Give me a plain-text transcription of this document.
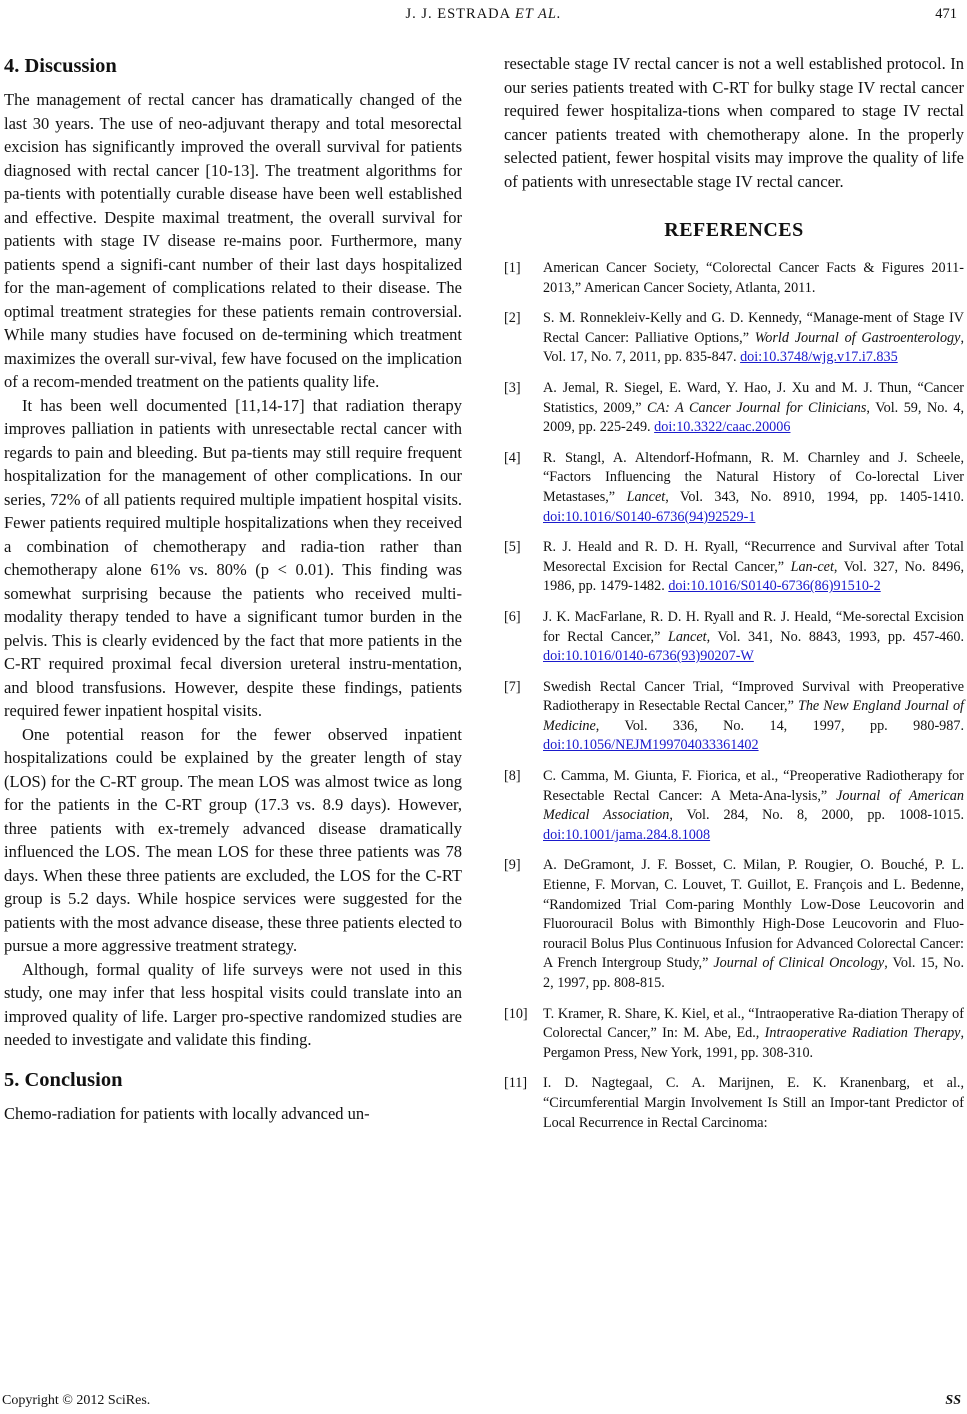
J. J. ESTRADA ET AL.	471
4. Discussion

The management of rectal cancer has dramatically changed of the last 30 years. The use of neo-adjuvant therapy and total mesorectal excision has significantly improved the overall survival for patients diagnosed with rectal cancer [10-13]. The treatment algorithms for pa-tients with potentially curable disease have been well established and effective. Despite maximal treatment, the overall survival for patients with stage IV disease re-mains poor. Furthermore, many patients spend a signifi-cant number of their last days hospitalized for the man-agement of complications related to their disease. The optimal treatment strategies for these patients remain controversial. While many studies have focused on de-termining which treatment maximizes the overall sur-vival, few have focused on the implication of a recom-mended treatment on the patients quality life.

It has been well documented [11,14-17] that radiation therapy improves palliation in patients with unresectable rectal cancer with regards to pain and bleeding. But pa-tients may still require frequent hospitalization for the management of other complications. In our series, 72% of all patients required multiple impatient hospital visits. Fewer patients required multiple hospitalizations when they received a combination of chemotherapy and radia-tion rather than chemotherapy alone 61% vs. 80% (p < 0.01). This finding was somewhat surprising because the patients who received multi-modality therapy tended to have a significant tumor burden in the pelvis. This is clearly evidenced by the fact that more patients in the C-RT required proximal fecal diversion ureteral instru-mentation, and blood transfusions. However, despite these findings, patients required fewer inpatient hospital visits.

One potential reason for the fewer observed inpatient hospitalizations could be explained by the greater length of stay (LOS) for the C-RT group. The mean LOS was almost twice as long for the patients in the C-RT group (17.3 vs. 8.9 days). However, three patients with ex-tremely advanced disease dramatically influenced the LOS. The mean LOS for these three patients was 78 days. When these three patients are excluded, the LOS for the C-RT group is 5.2 days. While hospice services were suggested for the patients with the most advance disease, these three patients elected to pursue a more aggressive treatment strategy.

Although, formal quality of life surveys were not used in this study, one may infer that less hospital visits could translate into an improved quality of life. Larger pro-spective randomized studies are needed to investigate and validate this finding.

5. Conclusion

Chemo-radiation for patients with locally advanced un-

resectable stage IV rectal cancer is not a well established protocol. In our series patients treated with C-RT for bulky stage IV rectal cancer required fewer hospitaliza-tions when compared to stage IV rectal cancer patients treated with chemotherapy alone. In the properly selected patient, fewer hospital visits may improve the quality of life of patients with unresectable stage IV rectal cancer.

REFERENCES
[1]	American Cancer Society, “Colorectal Cancer Facts & Figures 2011-2013,” American Cancer Society, Atlanta, 2011.
[2]	S. M. Ronnekleiv-Kelly and G. D. Kennedy, “Manage-ment of Stage IV Rectal Cancer: Palliative Options,” World Journal of Gastroenterology, Vol. 17, No. 7, 2011, pp. 835-847. doi:10.3748/wjg.v17.i7.835
[3]	A. Jemal, R. Siegel, E. Ward, Y. Hao, J. Xu and M. J. Thun, “Cancer Statistics, 2009,” CA: A Cancer Journal for Clinicians, Vol. 59, No. 4, 2009, pp. 225-249. doi:10.3322/caac.20006
[4]	R. Stangl, A. Altendorf-Hofmann, R. M. Charnley and J. Scheele, “Factors Influencing the Natural History of Co-lorectal Liver Metastases,” Lancet, Vol. 343, No. 8910, 1994, pp. 1405-1410. doi:10.1016/S0140-6736(94)92529-1
[5]	R. J. Heald and R. D. H. Ryall, “Recurrence and Survival after Total Mesorectal Excision for Rectal Cancer,” Lan-cet, Vol. 327, No. 8496, 1986, pp. 1479-1482. doi:10.1016/S0140-6736(86)91510-2
[6]	J. K. MacFarlane, R. D. H. Ryall and R. J. Heald, “Me-sorectal Excision for Rectal Cancer,” Lancet, Vol. 341, No. 8843, 1993, pp. 457-460. doi:10.1016/0140-6736(93)90207-W
[7]	Swedish Rectal Cancer Trial, “Improved Survival with Preoperative Radiotherapy in Resectable Rectal Cancer,” The New England Journal of Medicine, Vol. 336, No. 14, 1997, pp. 980-987. doi:10.1056/NEJM199704033361402
[8]	C. Camma, M. Giunta, F. Fiorica, et al., “Preoperative Radiotherapy for Resectable Rectal Cancer: A Meta-Ana-lysis,” Journal of American Medical Association, Vol. 284, No. 8, 2000, pp. 1008-1015. doi:10.1001/jama.284.8.1008
[9]	A. DeGramont, J. F. Bosset, C. Milan, P. Rougier, O. Bouché, P. L. Etienne, F. Morvan, C. Louvet, T. Guillot, E. François and L. Bedenne, “Randomized Trial Com-paring Monthly Low-Dose Leucovorin and Fluorouracil Bolus with Bimonthly High-Dose Leucovorin and Fluo-rouracil Bolus Plus Continuous Infusion for Advanced Colorectal Cancer: A French Intergroup Study,” Journal of Clinical Oncology, Vol. 15, No. 2, 1997, pp. 808-815.
[10]	T. Kramer, R. Share, K. Kiel, et al., “Intraoperative Ra-diation Therapy of Colorectal Cancer,” In: M. Abe, Ed., Intraoperative Radiation Therapy, Pergamon Press, New York, 1991, pp. 308-310.
[11]	I. D. Nagtegaal, C. A. Marijnen, E. K. Kranenbarg, et al., “Circumferential Margin Involvement Is Still an Impor-tant Predictor of Local Recurrence in Rectal Carcinoma:
Copyright © 2012 SciRes.	SS
